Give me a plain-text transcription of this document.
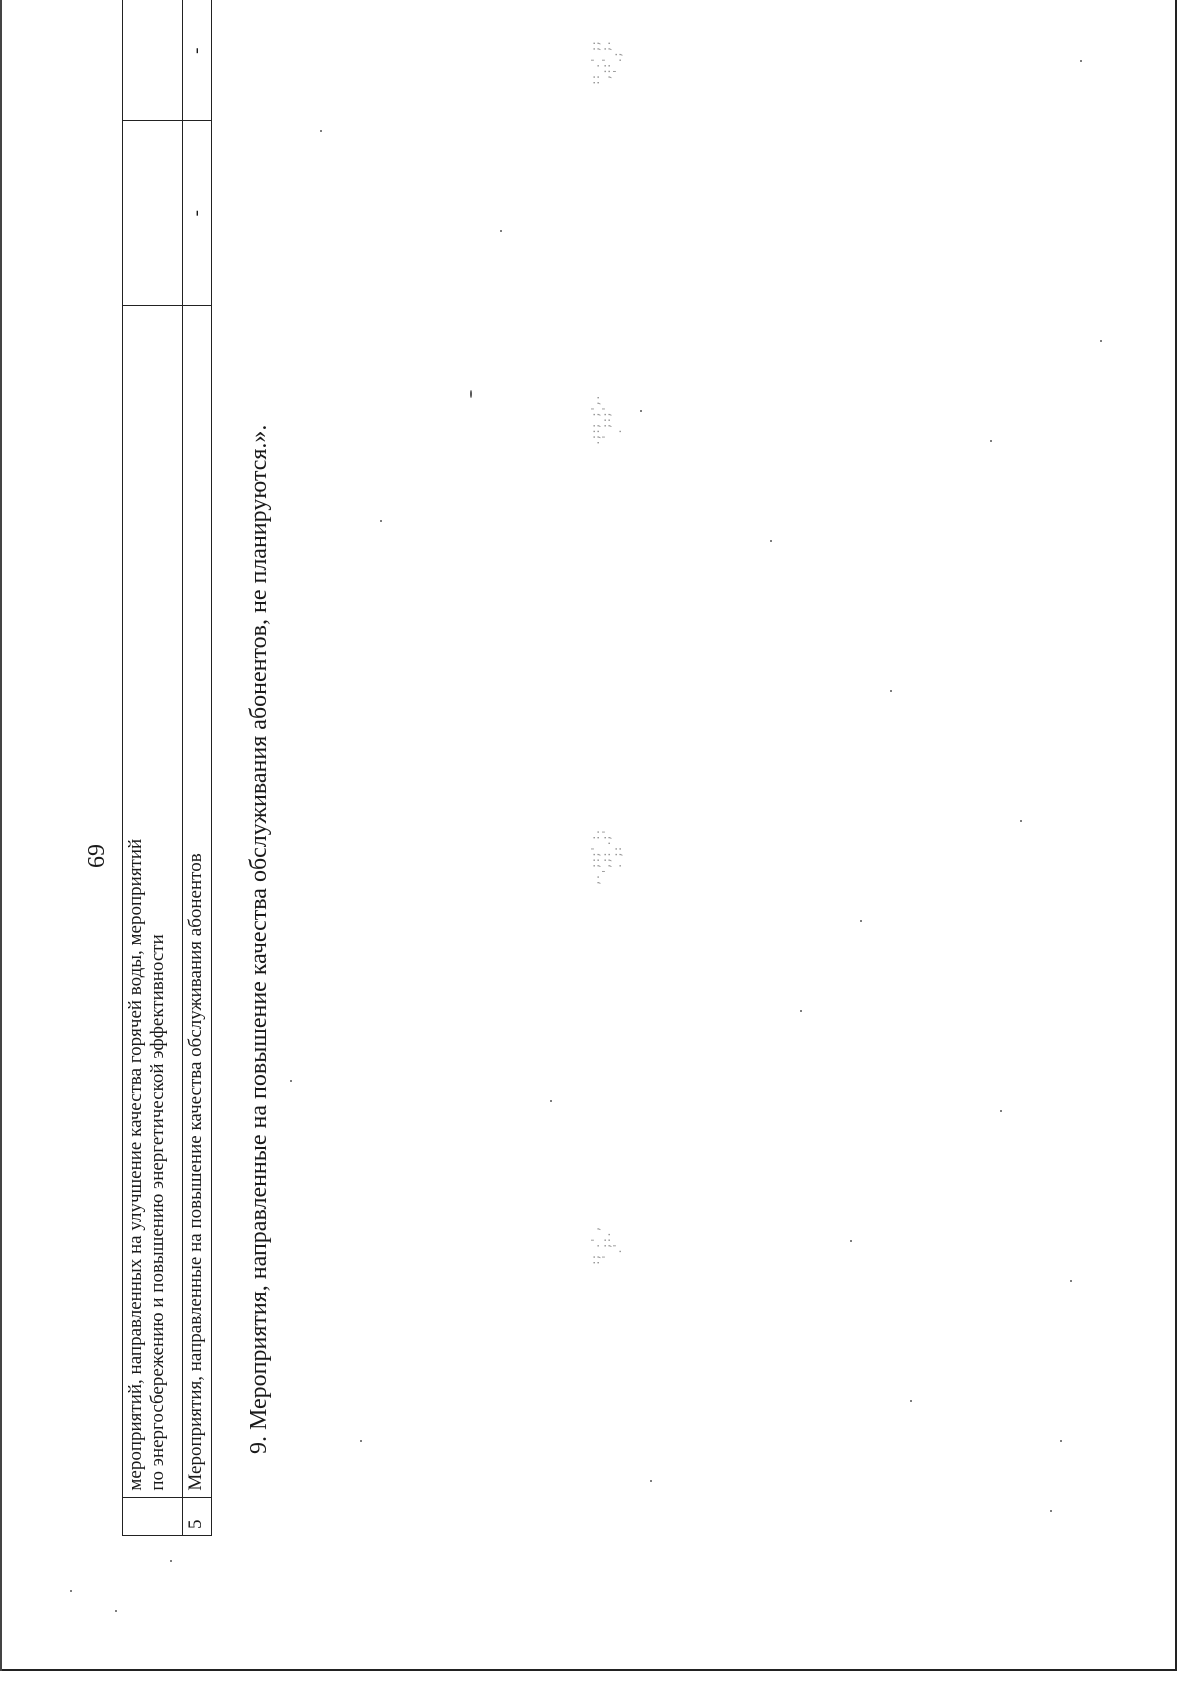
69

	мероприятий, направленных на улучшение качества горячей воды, мероприятий по энергосбережению и повышению энергетической эффективности		

5	Мероприятия, направленные на повышение качества обслуживания абонентов	-	-
9. Мероприятия, направленные на повышение качества обслуживания абонентов, не планируются.».
:: .' ;;
,::' ;.
' .;
,. ;:;' :.
',;: .;'
. ;:
:; .' ,
' ;:.
.'
.;:; ;',.
' ;:;'
.
